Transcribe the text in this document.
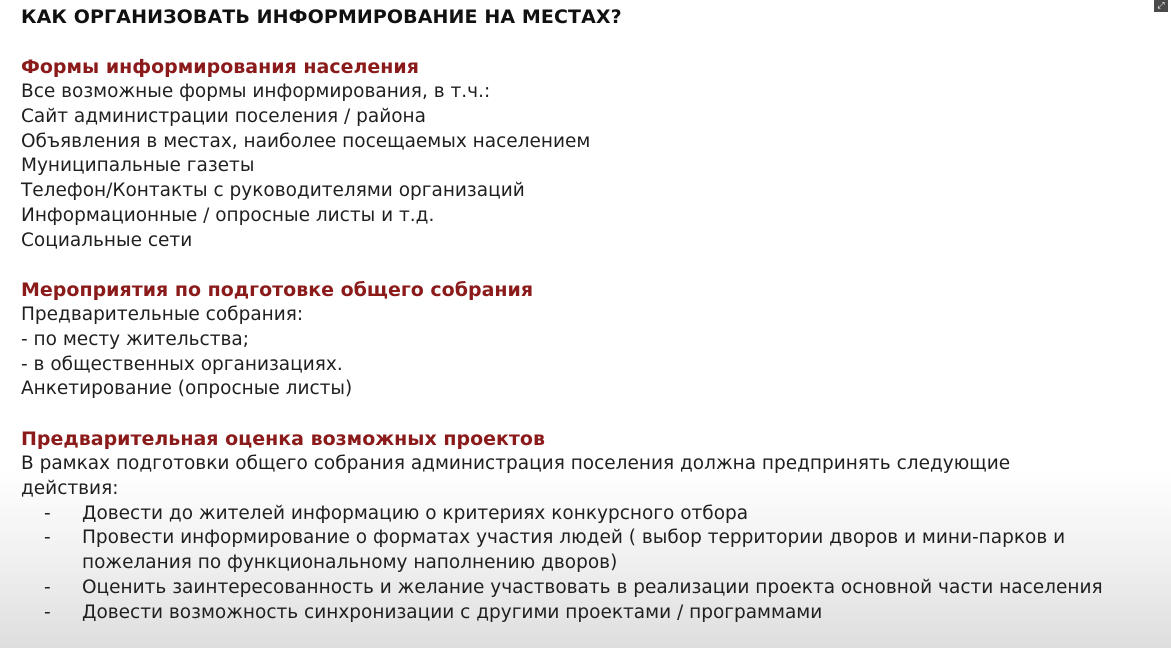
⤢
КАК ОРГАНИЗОВАТЬ ИНФОРМИРОВАНИЕ НА МЕСТАХ?
Формы информирования населения
Все возможные формы информирования, в т.ч.:
Сайт администрации поселения / района
Объявления в местах, наиболее посещаемых населением
Муниципальные газеты
Телефон/Контакты с руководителями организаций
Информационные / опросные листы и т.д.
Социальные сети
Мероприятия по подготовке общего собрания
Предварительные собрания:
- по месту жительства;
- в общественных организациях.
Анкетирование (опросные листы)
Предварительная оценка возможных проектов
В рамках подготовки общего собрания администрация поселения должна предпринять следующие действия:
- Довести до жителей информацию о критериях конкурсного отбора
- Провести информирование о форматах участия людей ( выбор территории дворов и мини-парков и пожелания по функциональному наполнению дворов)
- Оценить заинтересованность и желание участвовать в реализации проекта основной части населения
- Довести возможность синхронизации с другими проектами / программами
